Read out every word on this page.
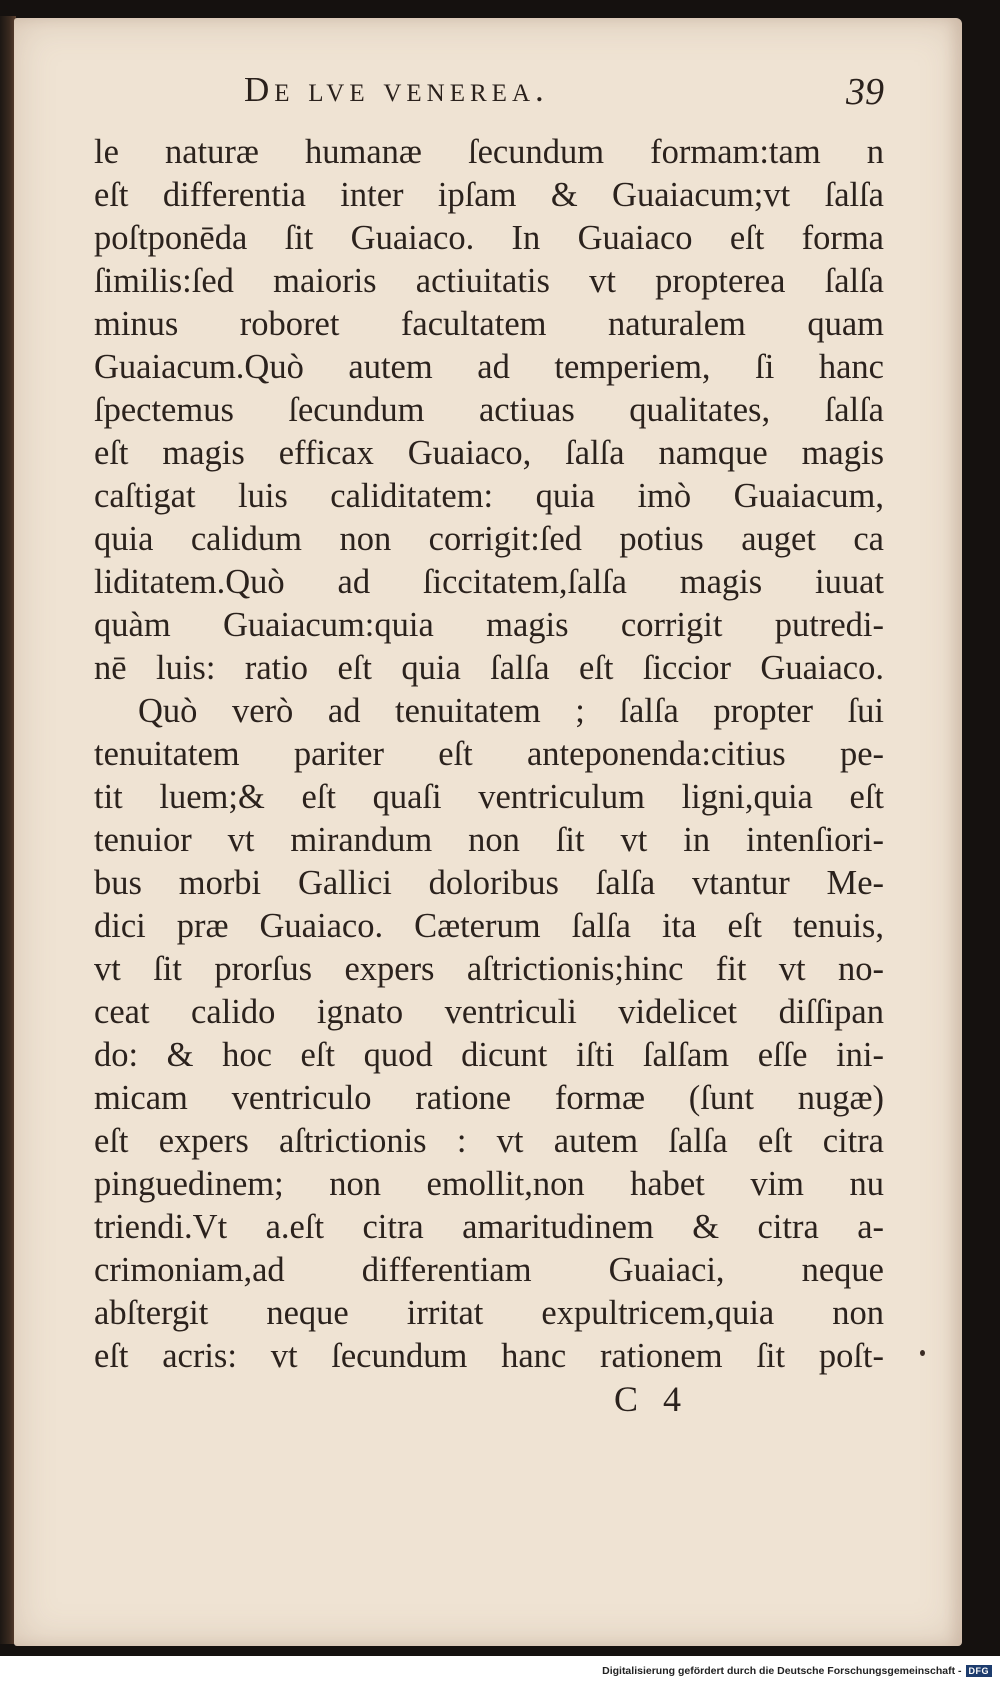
De lve venerea.	39
le naturæ humanæ ſecundum formam:tam n
eſt differentia inter ipſam & Guaiacum;vt ſalſa
poſtponēda ſit Guaiaco. In Guaiaco eſt forma
ſimilis:ſed maioris actiuitatis vt propterea ſalſa
minus roboret facultatem naturalem quam
Guaiacum.Quò autem ad temperiem, ſi hanc
ſpectemus ſecundum actiuas qualitates, ſalſa
eſt magis efficax Guaiaco, ſalſa namque magis
caſtigat luis caliditatem: quia imò Guaiacum,
quia calidum non corrigit:ſed potius auget ca
liditatem.Quò ad ſiccitatem,ſalſa magis iuuat
quàm Guaiacum:quia magis corrigit putredi-
nē luis: ratio eſt quia ſalſa eſt ſiccior Guaiaco.
Quò verò ad tenuitatem ; ſalſa propter ſui
tenuitatem pariter eſt anteponenda:citius pe-
tit luem;& eſt quaſi ventriculum ligni,quia eſt
tenuior vt mirandum non ſit vt in intenſiori-
bus morbi Gallici doloribus ſalſa vtantur Me-
dici præ Guaiaco. Cæterum ſalſa ita eſt tenuis,
vt ſit prorſus expers aſtrictionis;hinc fit vt no-
ceat calido ignato ventriculi videlicet diſſipan
do: & hoc eſt quod dicunt iſti ſalſam eſſe ini-
micam ventriculo ratione formæ (ſunt nugæ)
eſt expers aſtrictionis : vt autem ſalſa eſt citra
pinguedinem; non emollit,non habet vim nu
triendi.Vt a.eſt citra amaritudinem & citra a-
crimoniam,ad differentiam Guaiaci, neque
abſtergit neque irritat expultricem,quia non
eſt acris: vt ſecundum hanc rationem ſit poſt-
C 4
Digitalisierung gefördert durch die Deutsche Forschungsgemeinschaft - DFG
